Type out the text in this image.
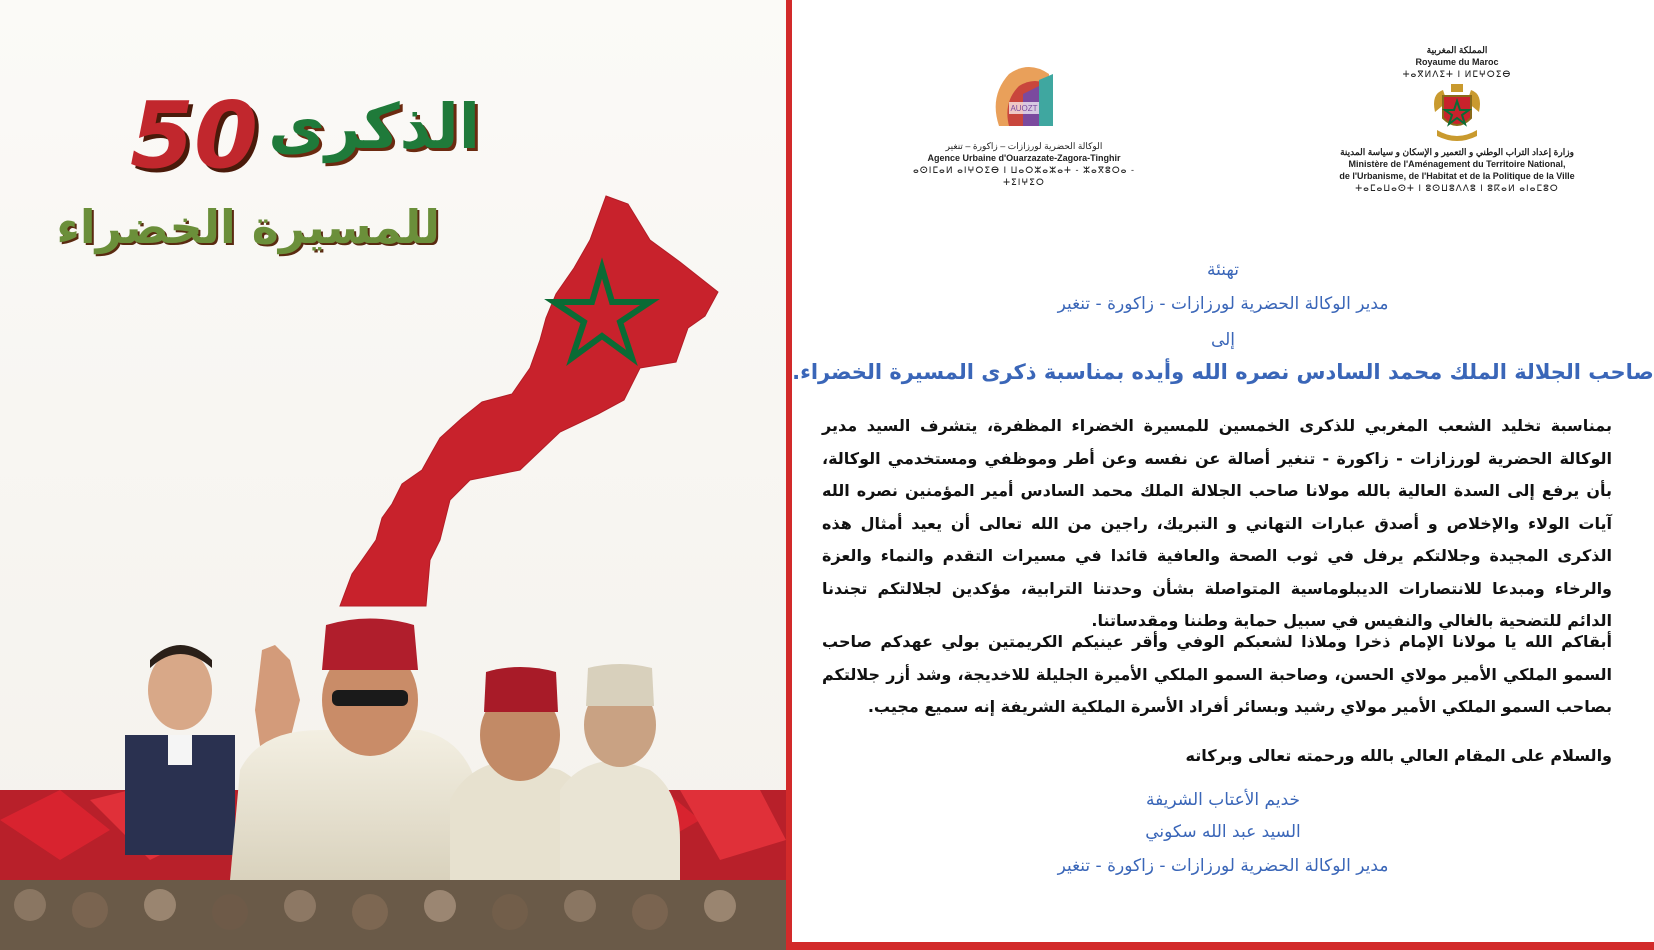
الذكرى
50
للمسيرة الخضراء
AUOZT
الوكالة الحضرية لورزازات – زاكورة – تنغير
Agence Urbaine d'Ouarzazate-Zagora-Tinghir
ⴰⵙⵏⵎⴰⵍ ⴰⵏⵖⵔⵉⴱ ⵏ ⵡⴰⵔⵣⴰⵣⴰⵜ - ⵣⴰⴳⵓⵔⴰ - ⵜⵉⵏⵖⵉⵔ
المملكة المغربية
Royaume du Maroc
ⵜⴰⴳⵍⴷⵉⵜ ⵏ ⵍⵎⵖⵔⵉⴱ
وزارة إعداد التراب الوطني و التعمير و الإسكان و سياسة المدينة
Ministère de l'Aménagement du Territoire National,
de l'Urbanisme, de l'Habitat et de la Politique de la Ville
ⵜⴰⵎⴰⵡⴰⵙⵜ ⵏ ⵓⵙⵡⵓⴷⴷⵓ ⵏ ⵓⴽⴰⵍ ⴰⵏⴰⵎⵓⵔ
تهنئة
مدير الوكالة الحضرية لورزازات - زاكورة - تنغير
إلى
صاحب الجلالة الملك محمد السادس نصره الله وأيده بمناسبة ذكرى المسيرة الخضراء.
بمناسبة تخليد الشعب المغربي للذكرى الخمسين للمسيرة الخضراء المظفرة، يتشرف السيد مدير الوكالة الحضرية لورزازات - زاكورة - تنغير أصالة عن نفسه وعن أطر وموظفي ومستخدمي الوكالة، بأن يرفع إلى السدة العالية بالله مولانا صاحب الجلالة الملك محمد السادس أمير المؤمنين نصره الله آيات الولاء والإخلاص و أصدق عبارات التهاني و التبريك، راجين من الله تعالى أن يعيد أمثال هذه الذكرى المجيدة وجلالتكم يرفل في ثوب الصحة والعافية قائدا في مسيرات التقدم والنماء والعزة والرخاء ومبدعا للانتصارات الديبلوماسية المتواصلة بشأن وحدتنا الترابية، مؤكدين لجلالتكم تجندنا الدائم للتضحية بالغالي والنفيس في سبيل حماية وطننا ومقدساتنا.
أبقاكم الله يا مولانا الإمام ذخرا وملاذا لشعبكم الوفي وأقر عينيكم الكريمتين بولي عهدكم صاحب السمو الملكي الأمير مولاي الحسن، وصاحبة السمو الملكي الأميرة الجليلة للاخديجة، وشد أزر جلالتكم بصاحب السمو الملكي الأمير مولاي رشيد وبسائر أفراد الأسرة الملكية الشريفة إنه سميع مجيب.
والسلام على المقام العالي بالله ورحمته تعالى وبركاته
خديم الأعتاب الشريفة
السيد عبد الله سكوني
مدير الوكالة الحضرية لورزازات - زاكورة - تنغير
